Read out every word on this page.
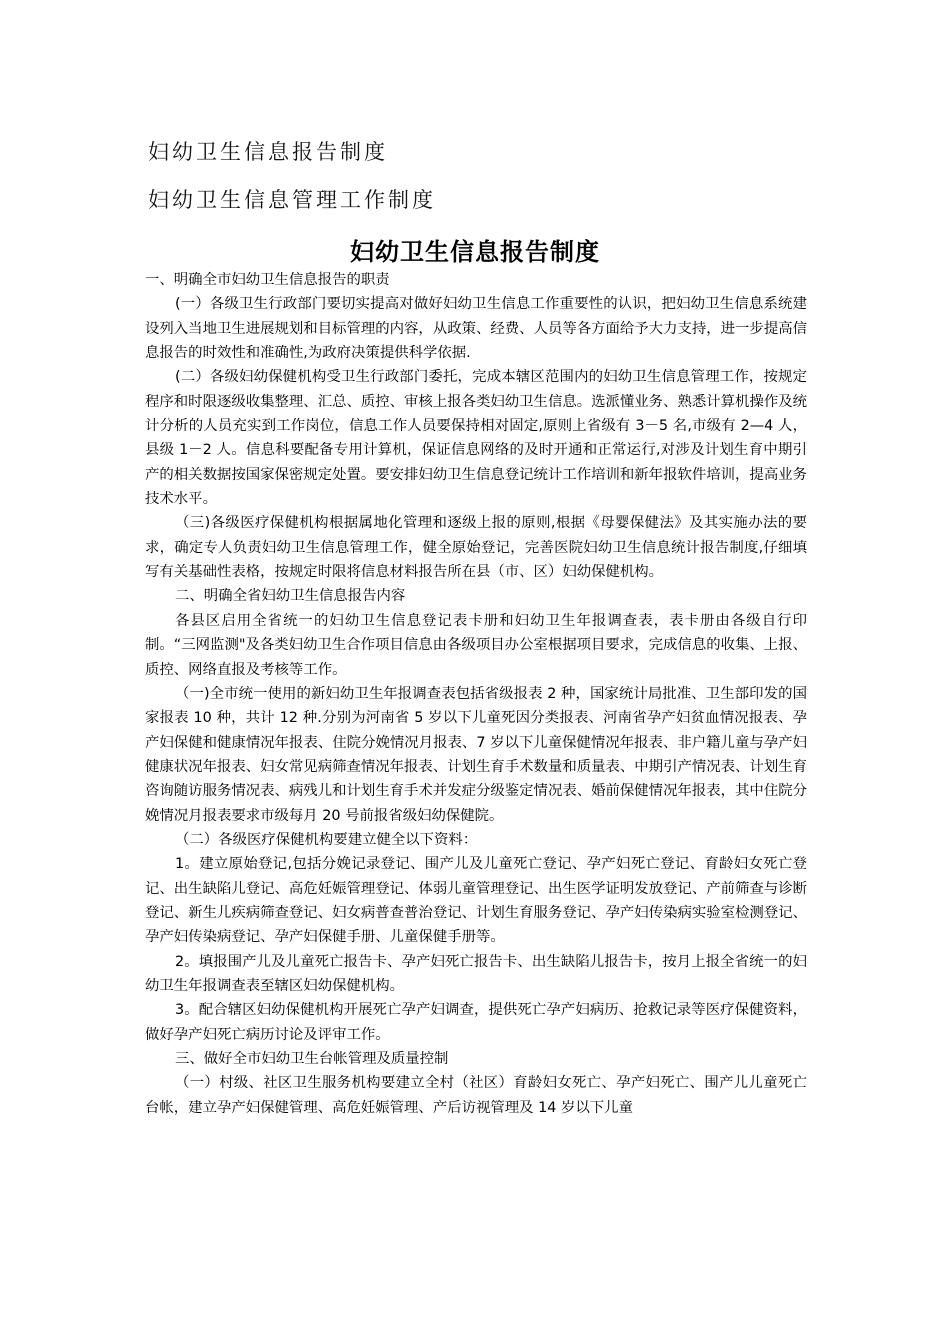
妇幼卫生信息报告制度
妇幼卫生信息管理工作制度
妇幼卫生信息报告制度

一、明确全市妇幼卫生信息报告的职责

(一）各级卫生行政部门要切实提高对做好妇幼卫生信息工作重要性的认识，把妇幼卫生信息系统建设列入当地卫生进展规划和目标管理的内容，从政策、经费、人员等各方面给予大力支持，进一步提高信息报告的时效性和准确性,为政府决策提供科学依据.

(二）各级妇幼保健机构受卫生行政部门委托，完成本辖区范围内的妇幼卫生信息管理工作，按规定程序和时限逐级收集整理、汇总、质控、审核上报各类妇幼卫生信息。选派懂业务、熟悉计算机操作及统计分析的人员充实到工作岗位，信息工作人员要保持相对固定,原则上省级有 3－5 名,市级有 2—4 人，县级 1－2 人。信息科要配备专用计算机，保证信息网络的及时开通和正常运行,对涉及计划生育中期引产的相关数据按国家保密规定处置。要安排妇幼卫生信息登记统计工作培训和新年报软件培训，提高业务技术水平。

（三)各级医疗保健机构根据属地化管理和逐级上报的原则,根据《母婴保健法》及其实施办法的要求，确定专人负责妇幼卫生信息管理工作，健全原始登记，完善医院妇幼卫生信息统计报告制度,仔细填写有关基础性表格，按规定时限将信息材料报告所在县（市、区）妇幼保健机构。

二、明确全省妇幼卫生信息报告内容

各县区启用全省统一的妇幼卫生信息登记表卡册和妇幼卫生年报调查表，表卡册由各级自行印制。“三网监测"及各类妇幼卫生合作项目信息由各级项目办公室根据项目要求，完成信息的收集、上报、质控、网络直报及考核等工作。

（一)全市统一使用的新妇幼卫生年报调查表包括省级报表 2 种，国家统计局批准、卫生部印发的国家报表 10 种，共计 12 种.分别为河南省 5 岁以下儿童死因分类报表、河南省孕产妇贫血情况报表、孕产妇保健和健康情况年报表、住院分娩情况月报表、7 岁以下儿童保健情况年报表、非户籍儿童与孕产妇健康状况年报表、妇女常见病筛查情况年报表、计划生育手术数量和质量表、中期引产情况表、计划生育咨询随访服务情况表、病残儿和计划生育手术并发症分级鉴定情况表、婚前保健情况年报表，其中住院分娩情况月报表要求市级每月 20 号前报省级妇幼保健院。

（二）各级医疗保健机构要建立健全以下资料：

1。建立原始登记,包括分娩记录登记、围产儿及儿童死亡登记、孕产妇死亡登记、育龄妇女死亡登记、出生缺陷儿登记、高危妊娠管理登记、体弱儿童管理登记、出生医学证明发放登记、产前筛查与诊断登记、新生儿疾病筛查登记、妇女病普查普治登记、计划生育服务登记、孕产妇传染病实验室检测登记、孕产妇传染病登记、孕产妇保健手册、儿童保健手册等。

2。填报围产儿及儿童死亡报告卡、孕产妇死亡报告卡、出生缺陷儿报告卡，按月上报全省统一的妇幼卫生年报调查表至辖区妇幼保健机构。

3。配合辖区妇幼保健机构开展死亡孕产妇调查，提供死亡孕产妇病历、抢救记录等医疗保健资料，做好孕产妇死亡病历讨论及评审工作。

三、做好全市妇幼卫生台帐管理及质量控制

（一）村级、社区卫生服务机构要建立全村（社区）育龄妇女死亡、孕产妇死亡、围产儿儿童死亡台帐，建立孕产妇保健管理、高危妊娠管理、产后访视管理及 14 岁以下儿童
